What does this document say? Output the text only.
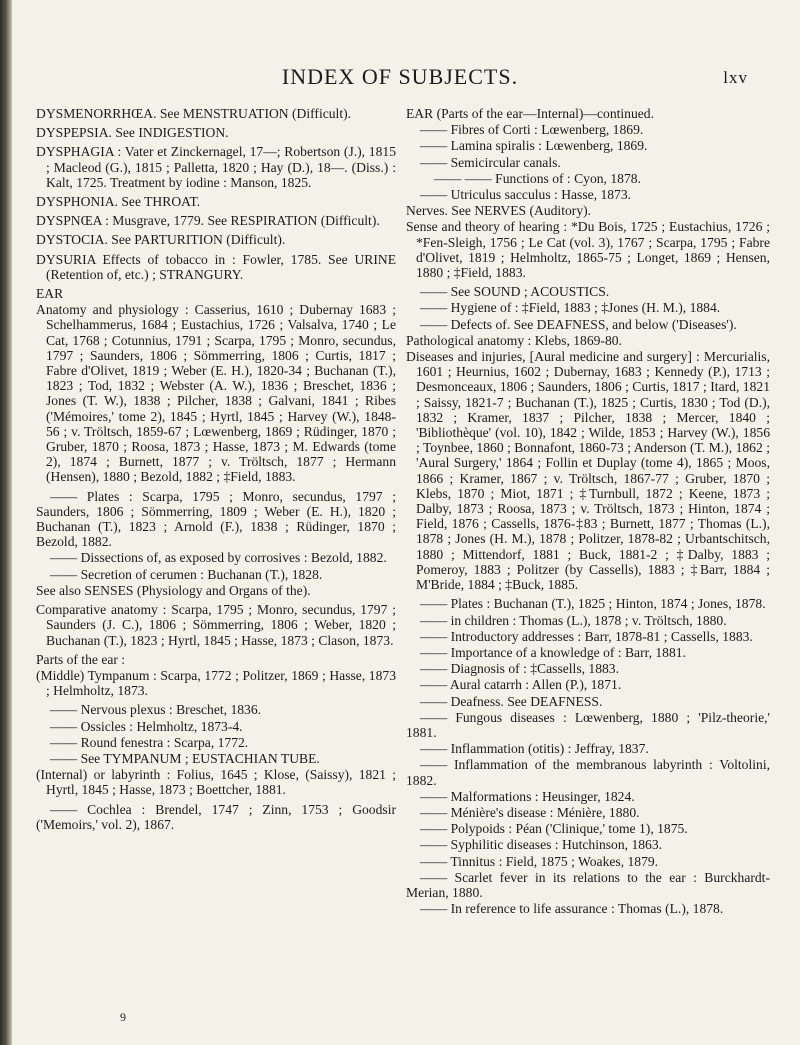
INDEX OF SUBJECTS.	lxv

DYSMENORRHŒA. See MENSTRUATION (Difficult).

DYSPEPSIA. See INDIGESTION.

DYSPHAGIA : Vater et Zinckernagel, 17—; Robertson (J.), 1815 ; Macleod (G.), 1815 ; Palletta, 1820 ; Hay (D.), 18—. (Diss.) : Kalt, 1725. Treatment by iodine : Manson, 1825.

DYSPHONIA. See THROAT.

DYSPNŒA : Musgrave, 1779. See RESPIRATION (Difficult).

DYSTOCIA. See PARTURITION (Difficult).

DYSURIA Effects of tobacco in : Fowler, 1785. See URINE (Retention of, etc.) ; STRANGURY.

EAR

Anatomy and physiology : Casserius, 1610 ; Dubernay 1683 ; Schelhammerus, 1684 ; Eustachius, 1726 ; Valsalva, 1740 ; Le Cat, 1768 ; Cotunnius, 1791 ; Scarpa, 1795 ; Monro, secundus, 1797 ; Saunders, 1806 ; Sömmerring, 1806 ; Curtis, 1817 ; Fabre d'Olivet, 1819 ; Weber (E. H.), 1820-34 ; Buchanan (T.), 1823 ; Tod, 1832 ; Webster (A. W.), 1836 ; Breschet, 1836 ; Jones (T. W.), 1838 ; Pilcher, 1838 ; Galvani, 1841 ; Ribes ('Mémoires,' tome 2), 1845 ; Hyrtl, 1845 ; Harvey (W.), 1848-56 ; v. Tröltsch, 1859-67 ; Lœwenberg, 1869 ; Rüdinger, 1870 ; Gruber, 1870 ; Roosa, 1873 ; Hasse, 1873 ; M. Edwards (tome 2), 1874 ; Burnett, 1877 ; v. Tröltsch, 1877 ; Hermann (Hensen), 1880 ; Bezold, 1882 ; ‡Field, 1883.

—— Plates : Scarpa, 1795 ; Monro, secundus, 1797 ; Saunders, 1806 ; Sömmerring, 1809 ; Weber (E. H.), 1820 ; Buchanan (T.), 1823 ; Arnold (F.), 1838 ; Rüdinger, 1870 ; Bezold, 1882.

—— Dissections of, as exposed by corrosives : Bezold, 1882.

—— Secretion of cerumen : Buchanan (T.), 1828.

See also SENSES (Physiology and Organs of the).

Comparative anatomy : Scarpa, 1795 ; Monro, secundus, 1797 ; Saunders (J. C.), 1806 ; Sömmerring, 1806 ; Weber, 1820 ; Buchanan (T.), 1823 ; Hyrtl, 1845 ; Hasse, 1873 ; Clason, 1873.

Parts of the ear :

(Middle) Tympanum : Scarpa, 1772 ; Politzer, 1869 ; Hasse, 1873 ; Helmholtz, 1873.

—— Nervous plexus : Breschet, 1836.

—— Ossicles : Helmholtz, 1873-4.

—— Round fenestra : Scarpa, 1772.

—— See TYMPANUM ; EUSTACHIAN TUBE.

(Internal) or labyrinth : Folius, 1645 ; Klose, (Saissy), 1821 ; Hyrtl, 1845 ; Hasse, 1873 ; Boettcher, 1881.

—— Cochlea : Brendel, 1747 ; Zinn, 1753 ; Goodsir ('Memoirs,' vol. 2), 1867.

EAR (Parts of the ear—Internal)—continued.

—— Fibres of Corti : Lœwenberg, 1869.

—— Lamina spiralis : Lœwenberg, 1869.

—— Semicircular canals.

—— —— Functions of : Cyon, 1878.

—— Utriculus sacculus : Hasse, 1873.

Nerves. See NERVES (Auditory).

Sense and theory of hearing : *Du Bois, 1725 ; Eustachius, 1726 ; *Fen-Sleigh, 1756 ; Le Cat (vol. 3), 1767 ; Scarpa, 1795 ; Fabre d'Olivet, 1819 ; Helmholtz, 1865-75 ; Longet, 1869 ; Hensen, 1880 ; ‡Field, 1883.

—— See SOUND ; ACOUSTICS.

—— Hygiene of : ‡Field, 1883 ; ‡Jones (H. M.), 1884.

—— Defects of. See DEAFNESS, and below ('Diseases').

Pathological anatomy : Klebs, 1869-80.

Diseases and injuries, [Aural medicine and surgery] : Mercurialis, 1601 ; Heurnius, 1602 ; Dubernay, 1683 ; Kennedy (P.), 1713 ; Desmonceaux, 1806 ; Saunders, 1806 ; Curtis, 1817 ; Itard, 1821 ; Saissy, 1821-7 ; Buchanan (T.), 1825 ; Curtis, 1830 ; Tod (D.), 1832 ; Kramer, 1837 ; Pilcher, 1838 ; Mercer, 1840 ; 'Bibliothèque' (vol. 10), 1842 ; Wilde, 1853 ; Harvey (W.), 1856 ; Toynbee, 1860 ; Bonnafont, 1860-73 ; Anderson (T. M.), 1862 ; 'Aural Surgery,' 1864 ; Follin et Duplay (tome 4), 1865 ; Moos, 1866 ; Kramer, 1867 ; v. Tröltsch, 1867-77 ; Gruber, 1870 ; Klebs, 1870 ; Miot, 1871 ; ‡Turnbull, 1872 ; Keene, 1873 ; Dalby, 1873 ; Roosa, 1873 ; v. Tröltsch, 1873 ; Hinton, 1874 ; Field, 1876 ; Cassells, 1876-‡83 ; Burnett, 1877 ; Thomas (L.), 1878 ; Jones (H. M.), 1878 ; Politzer, 1878-82 ; Urbantschitsch, 1880 ; Mittendorf, 1881 ; Buck, 1881-2 ; ‡Dalby, 1883 ; Pomeroy, 1883 ; Politzer (by Cassells), 1883 ; ‡Barr, 1884 ; M'Bride, 1884 ; ‡Buck, 1885.

—— Plates : Buchanan (T.), 1825 ; Hinton, 1874 ; Jones, 1878.

—— in children : Thomas (L.), 1878 ; v. Tröltsch, 1880.

—— Introductory addresses : Barr, 1878-81 ; Cassells, 1883.

—— Importance of a knowledge of : Barr, 1881.

—— Diagnosis of : ‡Cassells, 1883.

—— Aural catarrh : Allen (P.), 1871.

—— Deafness. See DEAFNESS.

—— Fungous diseases : Lœwenberg, 1880 ; 'Pilz-theorie,' 1881.

—— Inflammation (otitis) : Jeffray, 1837.

—— Inflammation of the membranous labyrinth : Voltolini, 1882.

—— Malformations : Heusinger, 1824.

—— Ménière's disease : Ménière, 1880.

—— Polypoids : Péan ('Clinique,' tome 1), 1875.

—— Syphilitic diseases : Hutchinson, 1863.

—— Tinnitus : Field, 1875 ; Woakes, 1879.

—— Scarlet fever in its relations to the ear : Burckhardt-Merian, 1880.

—— In reference to life assurance : Thomas (L.), 1878.

9
